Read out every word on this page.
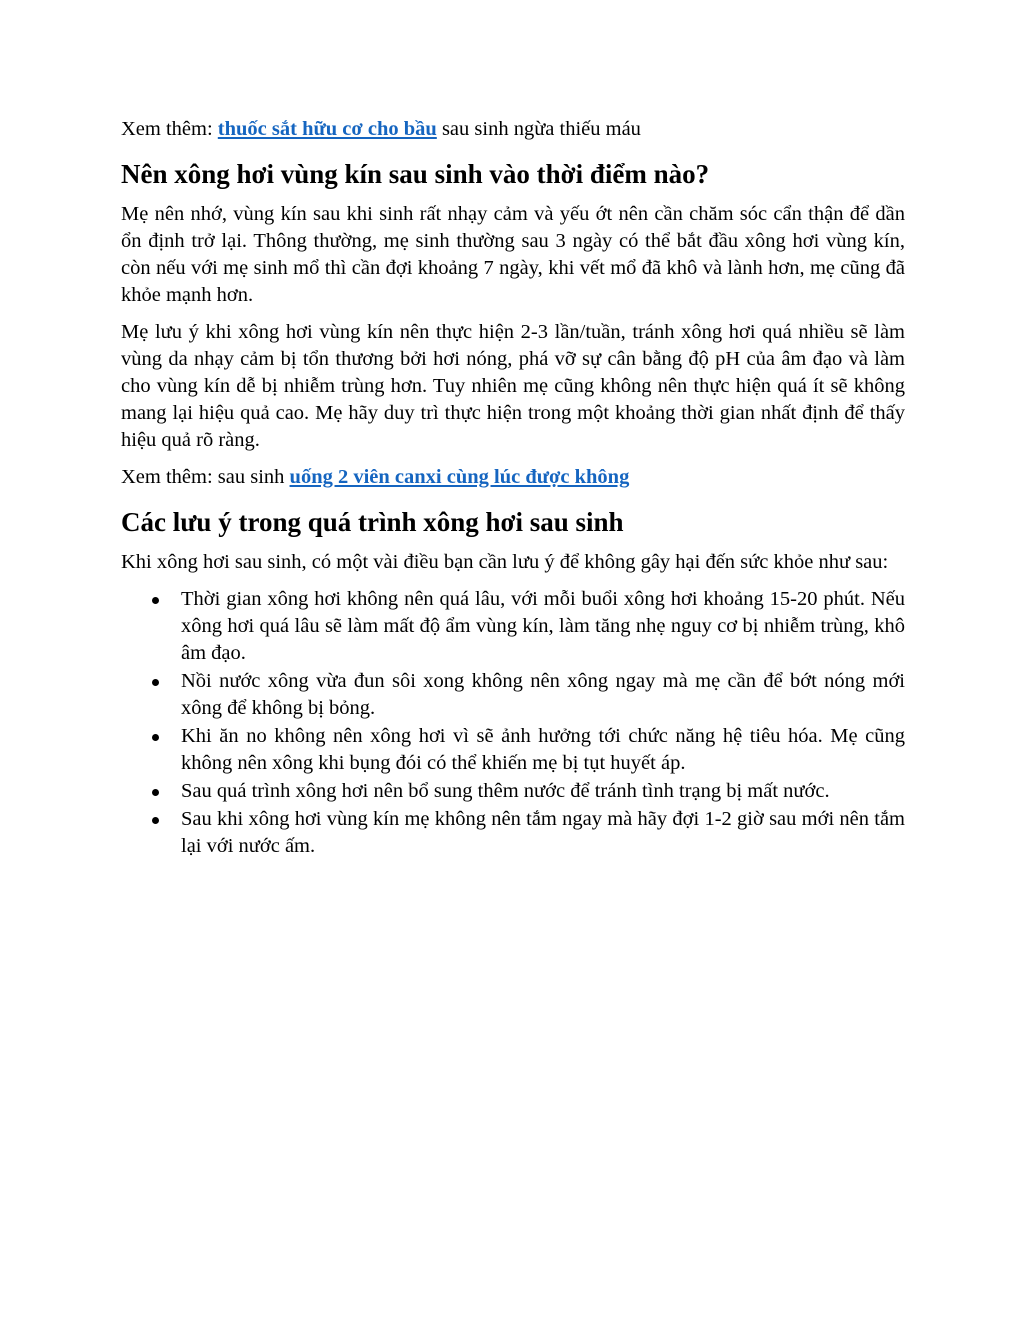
Xem thêm: thuốc sắt hữu cơ cho bầu sau sinh ngừa thiếu máu

Nên xông hơi vùng kín sau sinh vào thời điểm nào?

Mẹ nên nhớ, vùng kín sau khi sinh rất nhạy cảm và yếu ớt nên cần chăm sóc cẩn thận để dần ổn định trở lại. Thông thường, mẹ sinh thường sau 3 ngày có thể bắt đầu xông hơi vùng kín, còn nếu với mẹ sinh mổ thì cần đợi khoảng 7 ngày, khi vết mổ đã khô và lành hơn, mẹ cũng đã khỏe mạnh hơn.

Mẹ lưu ý khi xông hơi vùng kín nên thực hiện 2-3 lần/tuần, tránh xông hơi quá nhiều sẽ làm vùng da nhạy cảm bị tổn thương bởi hơi nóng, phá vỡ sự cân bằng độ pH của âm đạo và làm cho vùng kín dễ bị nhiễm trùng hơn. Tuy nhiên mẹ cũng không nên thực hiện quá ít sẽ không mang lại hiệu quả cao. Mẹ hãy duy trì thực hiện trong một khoảng thời gian nhất định để thấy hiệu quả rõ ràng.

Xem thêm: sau sinh uống 2 viên canxi cùng lúc được không

Các lưu ý trong quá trình xông hơi sau sinh

Khi xông hơi sau sinh, có một vài điều bạn cần lưu ý để không gây hại đến sức khỏe như sau:

Thời gian xông hơi không nên quá lâu, với mỗi buổi xông hơi khoảng 15-20 phút. Nếu xông hơi quá lâu sẽ làm mất độ ẩm vùng kín, làm tăng nhẹ nguy cơ bị nhiễm trùng, khô âm đạo.
Nồi nước xông vừa đun sôi xong không nên xông ngay mà mẹ cần để bớt nóng mới xông để không bị bỏng.
Khi ăn no không nên xông hơi vì sẽ ảnh hưởng tới chức năng hệ tiêu hóa. Mẹ cũng không nên xông khi bụng đói có thể khiến mẹ bị tụt huyết áp.
Sau quá trình xông hơi nên bổ sung thêm nước để tránh tình trạng bị mất nước.
Sau khi xông hơi vùng kín mẹ không nên tắm ngay mà hãy đợi 1-2 giờ sau mới nên tắm lại với nước ấm.
